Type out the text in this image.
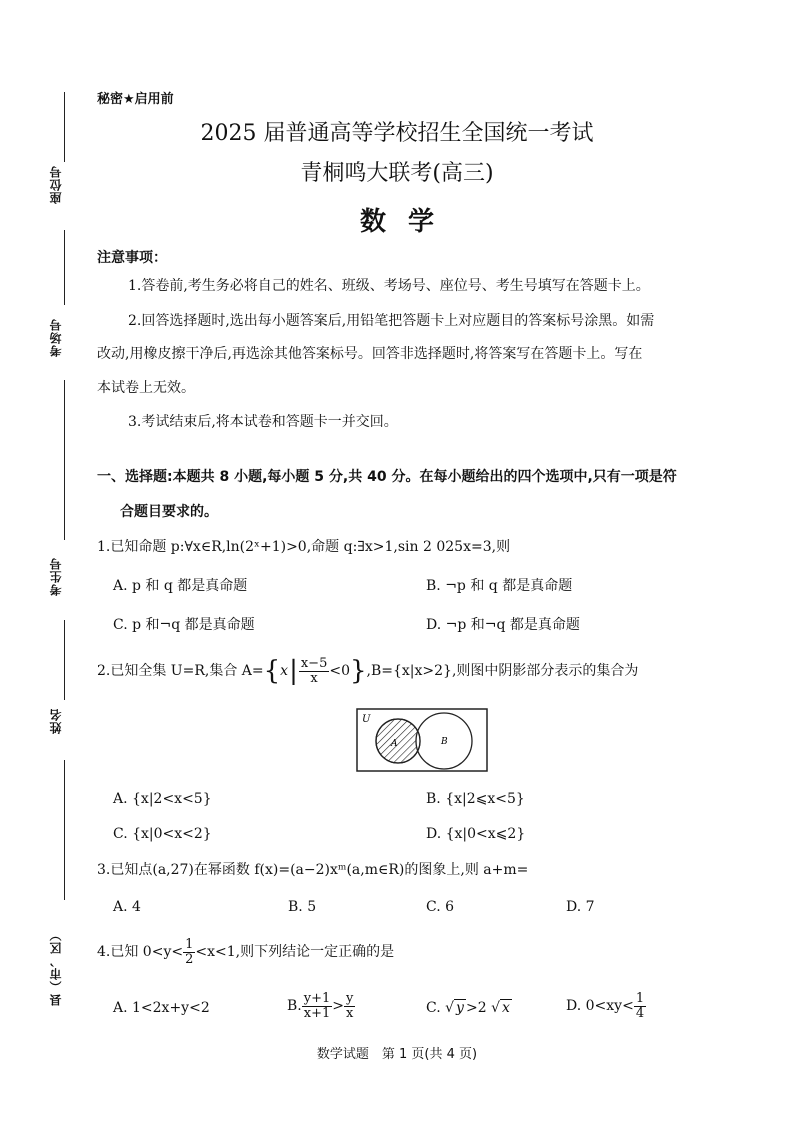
座位号
考场号
考生号
姓名
县（市、区）
秘密★启用前
2025 届普通高等学校招生全国统一考试
青桐鸣大联考(高三)
数学
注意事项：
1.答卷前,考生务必将自己的姓名、班级、考场号、座位号、考生号填写在答题卡上。
2.回答选择题时,选出每小题答案后,用铅笔把答题卡上对应题目的答案标号涂黑。如需
改动,用橡皮擦干净后,再选涂其他答案标号。回答非选择题时,将答案写在答题卡上。写在
本试卷上无效。
3.考试结束后,将本试卷和答题卡一并交回。
一、选择题:本题共 8 小题,每小题 5 分,共 40 分。在每小题给出的四个选项中,只有一项是符
合题目要求的。
1.已知命题 p:∀x∈R,ln(2ˣ+1)>0,命题 q:∃x>1,sin 2 025x=3,则
A. p 和 q 都是真命题	B. ¬p 和 q 都是真命题
C. p 和¬q 都是真命题	D. ¬p 和¬q 都是真命题
2.已知全集 U=R,集合 A= { x | $\frac{x-5}{x} <0$ } ,B={x|x>2},则图中阴影部分表示的集合为
U
A	B
A. {x|2<x<5}	B. {x|2⩽x<5}
C. {x|0<x<2}	D. {x|0<x⩽2}
3.已知点(a,27)在幂函数 f(x)=(a−2)xᵐ(a,m∈R)的图象上,则 a+m=
A. 4	B. 5	C. 6	D. 7
4.已知 $0<y< \frac{1}{2} <x<1$,则下列结论一定正确的是
A. 1<2x+y<2	B. $\frac{y+1}{x+1} > \frac{y}{x}$	C. √ y >2 √ x	D. $0<xy< \frac{1}{4}$
数学试题　第 1 页(共 4 页)
